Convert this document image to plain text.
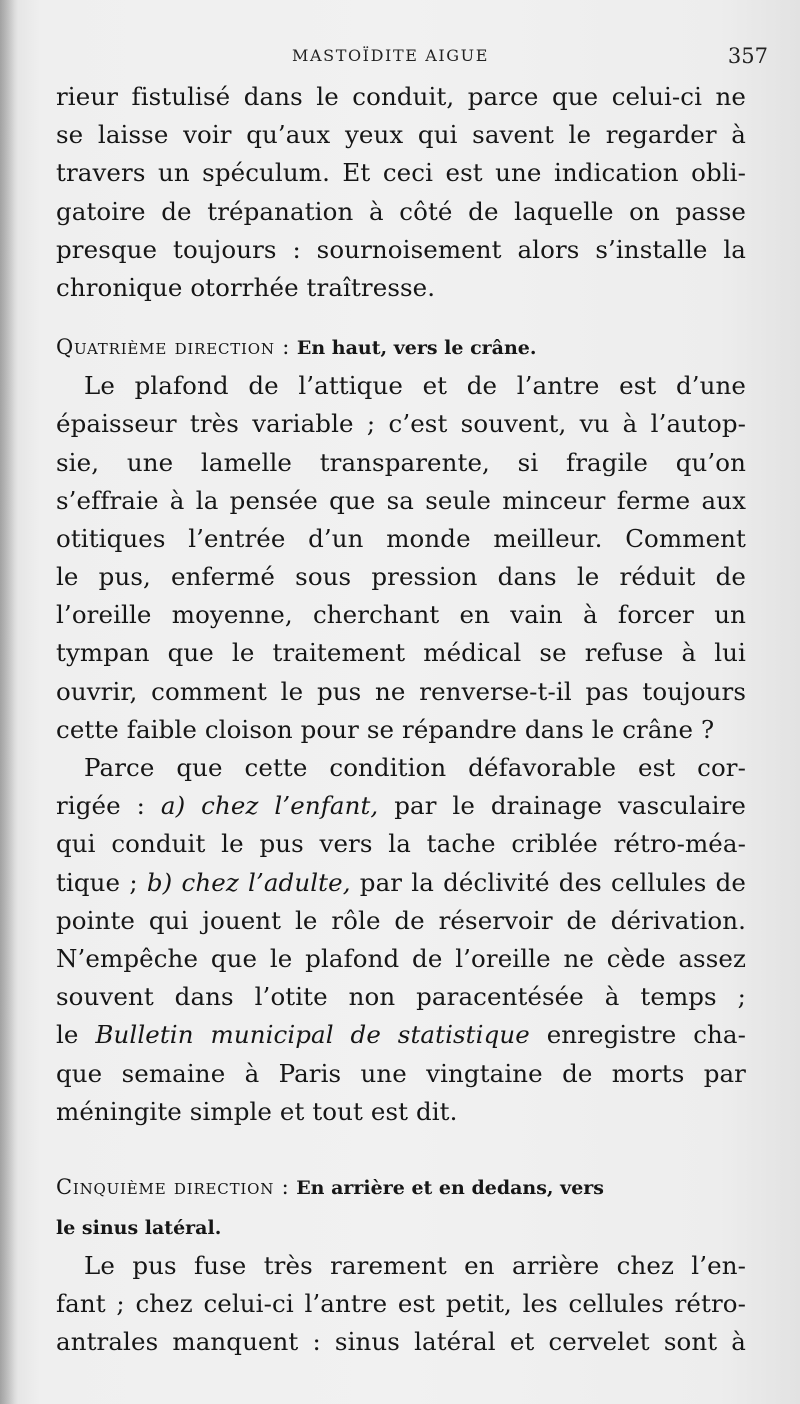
MASTOÏDITE AIGUE	357
rieur fistulisé dans le conduit, parce que celui-ci ne
se laisse voir qu’aux yeux qui savent le regarder à
travers un spéculum. Et ceci est une indication obli-
gatoire de trépanation à côté de laquelle on passe
presque toujours : sournoisement alors s’installe la
chronique otorrhée traîtresse.
Quatrième direction : En haut, vers le crâne.
Le plafond de l’attique et de l’antre est d’une
épaisseur très variable ; c’est souvent, vu à l’autop-
sie, une lamelle transparente, si fragile qu’on
s’effraie à la pensée que sa seule minceur ferme aux
otitiques l’entrée d’un monde meilleur. Comment
le pus, enfermé sous pression dans le réduit de
l’oreille moyenne, cherchant en vain à forcer un
tympan que le traitement médical se refuse à lui
ouvrir, comment le pus ne renverse-t-il pas toujours
cette faible cloison pour se répandre dans le crâne ?
Parce que cette condition défavorable est cor-
rigée : a) chez l’enfant, par le drainage vasculaire
qui conduit le pus vers la tache criblée rétro-méa-
tique ; b) chez l’adulte, par la déclivité des cellules de
pointe qui jouent le rôle de réservoir de dérivation.
N’empêche que le plafond de l’oreille ne cède assez
souvent dans l’otite non paracentésée à temps ;
le Bulletin municipal de statistique enregistre cha-
que semaine à Paris une vingtaine de morts par
méningite simple et tout est dit.
Cinquième direction : En arrière et en dedans, vers
le sinus latéral.
Le pus fuse très rarement en arrière chez l’en-
fant ; chez celui-ci l’antre est petit, les cellules rétro-
antrales manquent : sinus latéral et cervelet sont à
